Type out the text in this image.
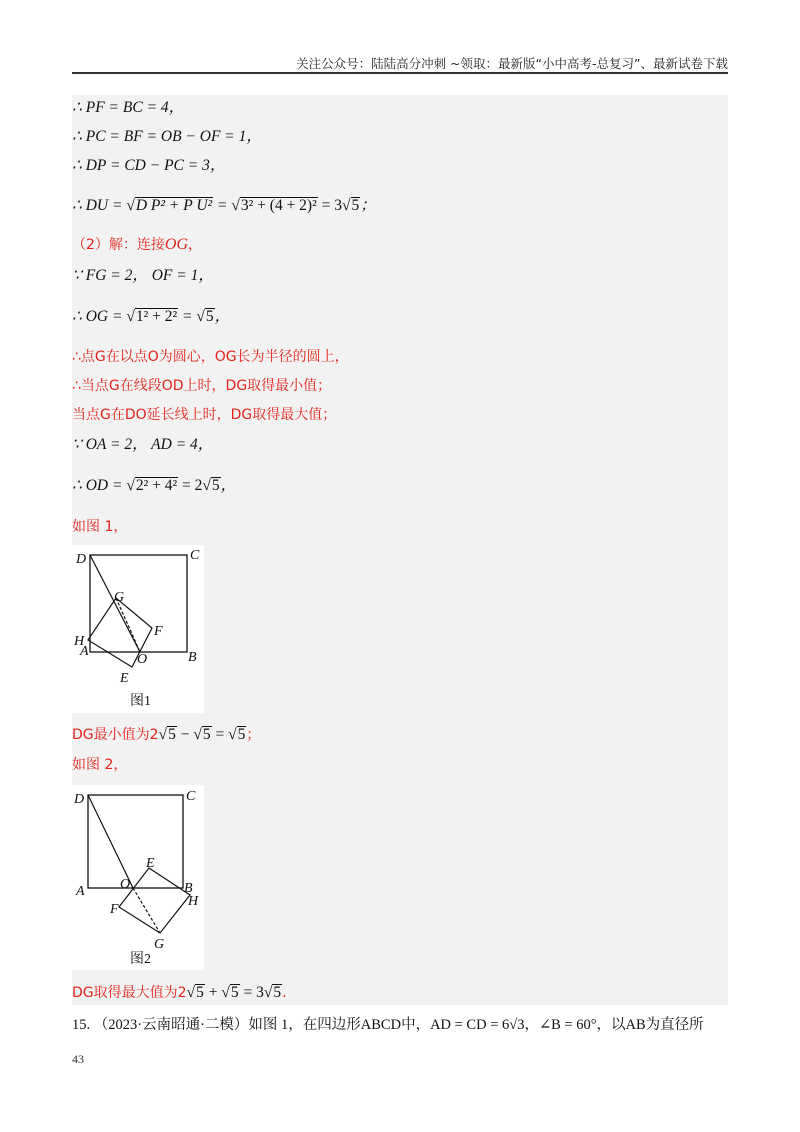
关注公众号：陆陆高分冲刺 ~领取：最新版“小中高考-总复习”、最新试卷下载
∴ PF = BC = 4，
∴ PC = BF = OB − OF = 1，
∴ DP = CD − PC = 3，
∴ DU = √D P² + P U² = √3² + (4 + 2)² = 3√5；
（2）解：连接OG，
∵ FG = 2， OF = 1，
∴ OG = √1² + 2² = √5，
∴点G在以点O为圆心，OG长为半径的圆上，
∴当点G在线段OD上时，DG取得最小值；
当点G在DO延长线上时，DG取得最大值；
∵ OA = 2， AD = 4，
∴ OD = √2² + 4² = 2√5，
如图 1，
D	C
G
F
H
A
O	B
E
图1
DG最小值为2√5 − √5 = √5；
如图 2，
D	C
E
A	O	B
H
F
G
图2
DG取得最大值为2√5 + √5 = 3√5.
15. （2023·云南昭通·二模）如图 1，在四边形ABCD中，AD = CD = 6√3，∠B = 60°，以AB为直径所
43
